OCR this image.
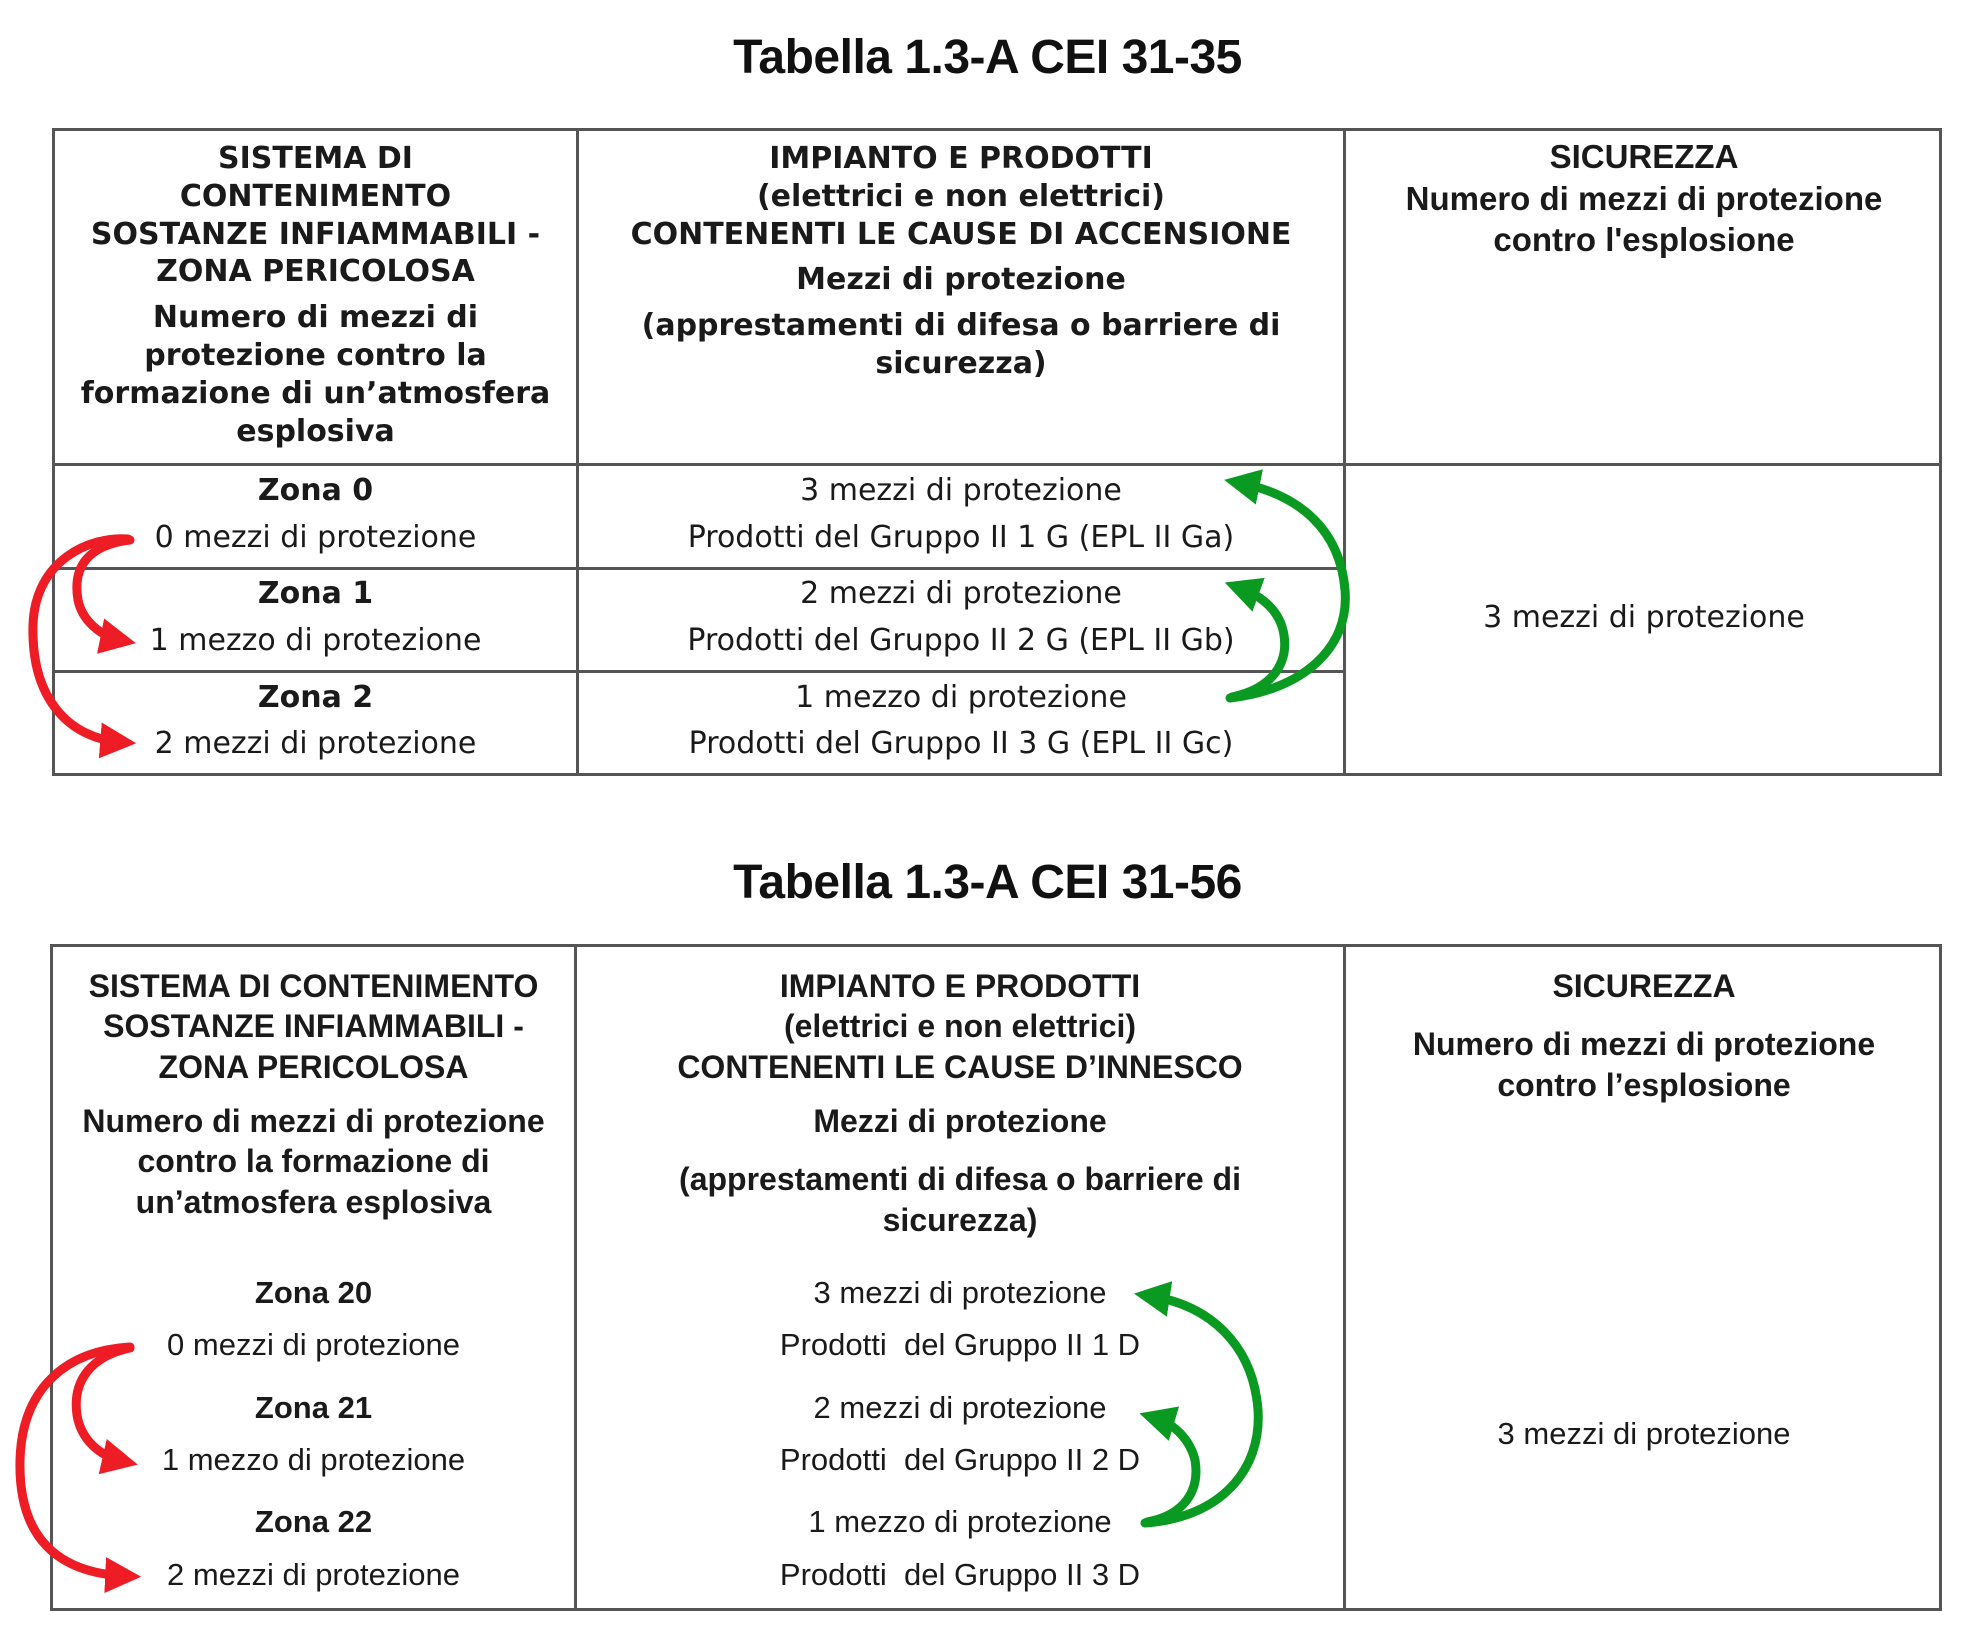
Tabella 1.3-A CEI 31-35
SISTEMA DI
CONTENIMENTO
SOSTANZE INFIAMMABILI -
ZONA PERICOLOSA
Numero di mezzi di
protezione contro la
formazione di un’atmosfera
esplosiva
IMPIANTO E PRODOTTI
(elettrici e non elettrici)
CONTENENTI LE CAUSE DI ACCENSIONE
Mezzi di protezione
(apprestamenti di difesa o barriere di
sicurezza)
SICUREZZA
Numero di mezzi di protezione
contro l'esplosione
Zona 0
0 mezzi di protezione
Zona 1
1 mezzo di protezione
Zona 2
2 mezzi di protezione
3 mezzi di protezione
Prodotti del Gruppo II 1 G (EPL II Ga)
2 mezzi di protezione
Prodotti del Gruppo II 2 G (EPL II Gb)
1 mezzo di protezione
Prodotti del Gruppo II 3 G (EPL II Gc)
3 mezzi di protezione
Tabella 1.3-A CEI 31-56
SISTEMA DI CONTENIMENTO
SOSTANZE INFIAMMABILI -
ZONA PERICOLOSA
Numero di mezzi di protezione
contro la formazione di
un’atmosfera esplosiva
IMPIANTO E PRODOTTI
(elettrici e non elettrici)
CONTENENTI LE CAUSE D’INNESCO
Mezzi di protezione
(apprestamenti di difesa o barriere di
sicurezza)
SICUREZZA
Numero di mezzi di protezione
contro l’esplosione
Zona 20
0 mezzi di protezione
Zona 21
1 mezzo di protezione
Zona 22
2 mezzi di protezione
3 mezzi di protezione
Prodotti  del Gruppo II 1 D
2 mezzi di protezione
Prodotti  del Gruppo II 2 D
1 mezzo di protezione
Prodotti  del Gruppo II 3 D
3 mezzi di protezione
